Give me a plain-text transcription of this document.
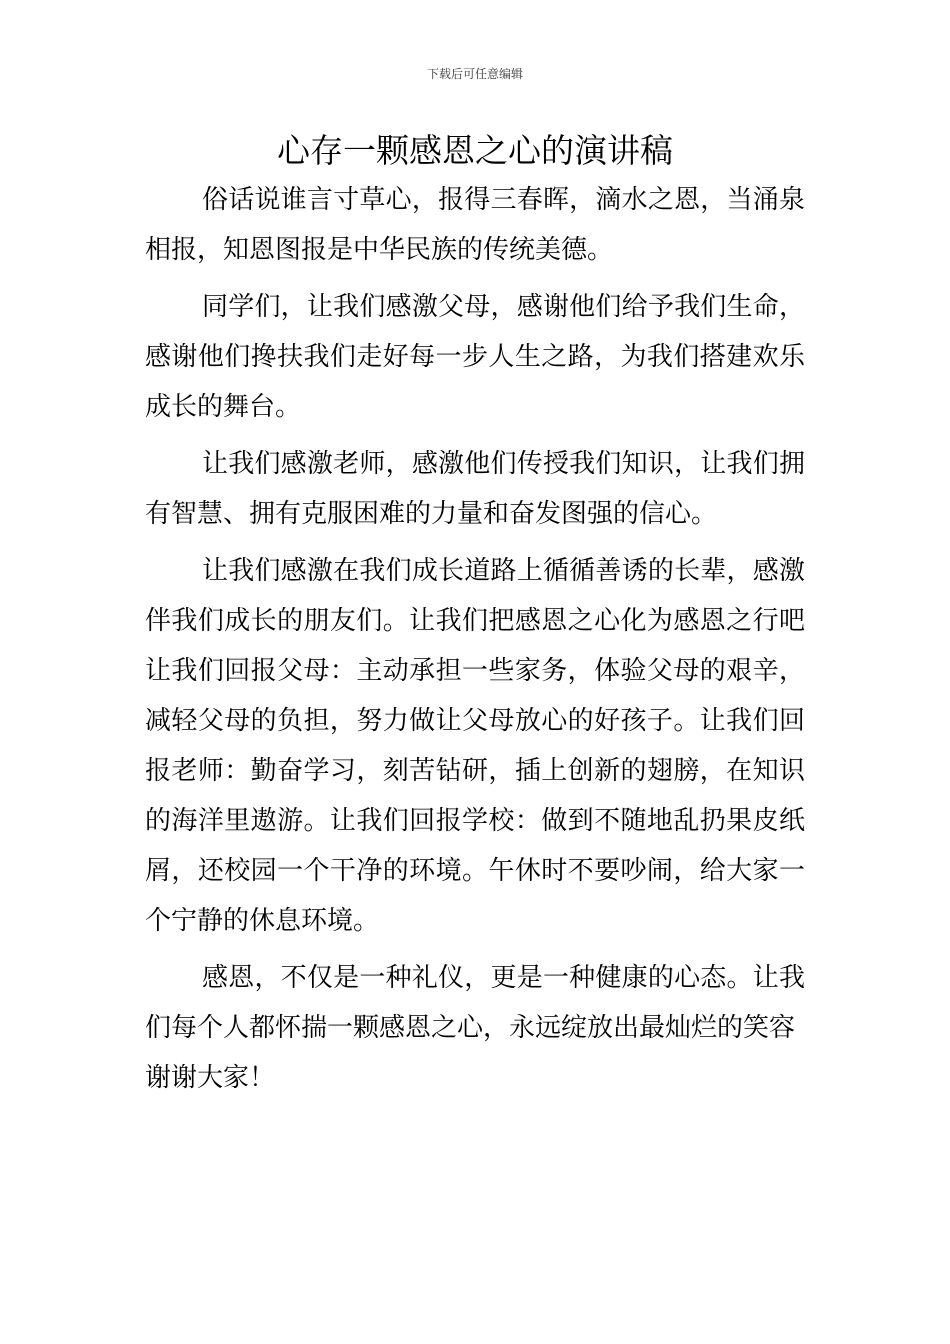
下载后可任意编辑
心存一颗感恩之心的演讲稿

俗话说谁言寸草心，报得三春晖，滴水之恩，当涌泉相报，知恩图报是中华民族的传统美德。

同学们，让我们感激父母，感谢他们给予我们生命，感谢他们搀扶我们走好每一步人生之路，为我们搭建欢乐成长的舞台。

让我们感激老师，感激他们传授我们知识，让我们拥有智慧、拥有克服困难的力量和奋发图强的信心。

让我们感激在我们成长道路上循循善诱的长辈，感激伴我们成长的朋友们。让我们把感恩之心化为感恩之行吧让我们回报父母：主动承担一些家务，体验父母的艰辛，减轻父母的负担，努力做让父母放心的好孩子。让我们回报老师：勤奋学习，刻苦钻研，插上创新的翅膀，在知识的海洋里遨游。让我们回报学校：做到不随地乱扔果皮纸屑，还校园一个干净的环境。午休时不要吵闹，给大家一个宁静的休息环境。

感恩，不仅是一种礼仪，更是一种健康的心态。让我们每个人都怀揣一颗感恩之心，永远绽放出最灿烂的笑容

谢谢大家！
